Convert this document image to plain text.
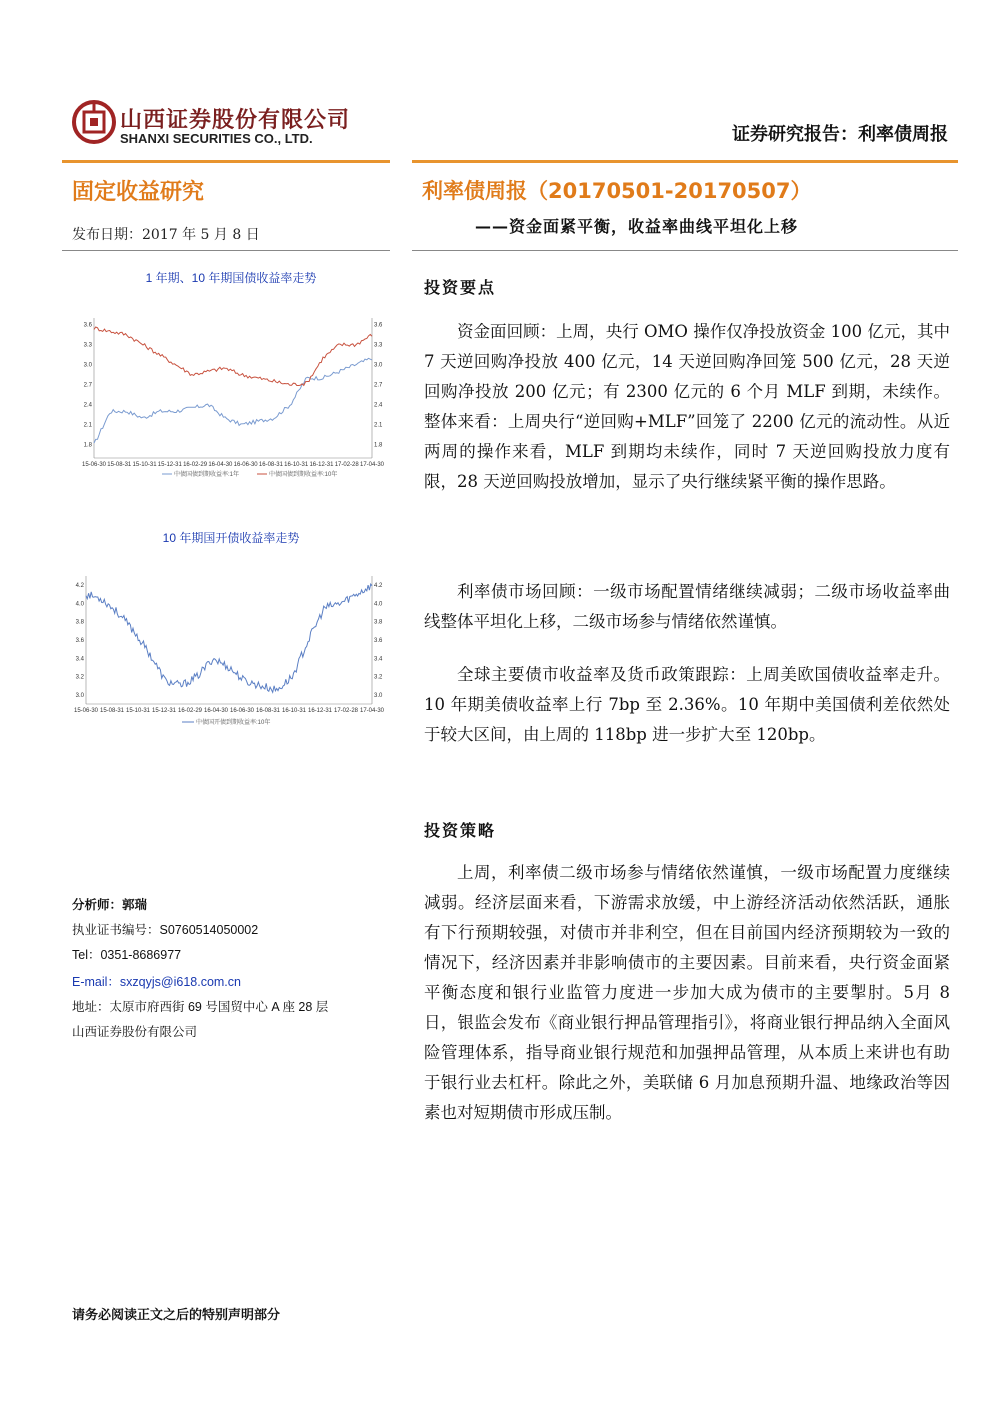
山西证券股份有限公司
SHANXI SECURITIES CO., LTD.	证券研究报告：利率债周报
固定收益研究	利率债周报（20170501-20170507）
——资金面紧平衡，收益率曲线平坦化上移
发布日期：2017 年 5 月 8 日
1 年期、10 年期国债收益率走势
1.8
2.1
2.4
2.7
3.0
3.3
3.6
1.8
2.1
2.4
2.7
3.0
3.3
3.6
15-06-30 15-08-31 15-10-31 15-12-31 16-02-29 16-04-30 16-06-30 16-08-31 16-10-31 16-12-31 17-02-28 17-04-30
中债国债到期收益率:1年	中债国债到期收益率:10年
10 年期国开债收益率走势
3.0	3.0
3.2	3.2
3.4	3.4
3.6	3.6
3.8	3.8
4.0	4.0
4.2	4.2
15-06-30 15-08-31 15-10-31 15-12-31 16-02-29 16-04-30 16-06-30 16-08-31 16-10-31 16-12-31 17-02-28 17-04-30
中债国开债到期收益率:10年
分析师：郭瑞
执业证书编号：S0760514050002
Tel：0351-8686977
E-mail：sxzqyjs@i618.com.cn
地址：太原市府西街 69 号国贸中心 A 座 28 层
山西证券股份有限公司
投资要点
资金面回顾：上周，央行 OMO 操作仅净投放资金 100 亿元，其中 7 天逆回购净投放 400 亿元，14 天逆回购净回笼 500 亿元，28 天逆回购净投放 200 亿元；有 2300 亿元的 6 个月 MLF 到期，未续作。整体来看：上周央行“逆回购+MLF”回笼了 2200 亿元的流动性。从近两周的操作来看，MLF 到期均未续作，同时 7 天逆回购投放力度有限，28 天逆回购投放增加，显示了央行继续紧平衡的操作思路。
利率债市场回顾：一级市场配置情绪继续减弱；二级市场收益率曲线整体平坦化上移，二级市场参与情绪依然谨慎。
全球主要债市收益率及货币政策跟踪：上周美欧国债收益率走升。10 年期美债收益率上行 7bp 至 2.36%。10 年期中美国债利差依然处于较大区间，由上周的 118bp 进一步扩大至 120bp。
投资策略
上周，利率债二级市场参与情绪依然谨慎，一级市场配置力度继续减弱。经济层面来看，下游需求放缓，中上游经济活动依然活跃，通胀有下行预期较强，对债市并非利空，但在目前国内经济预期较为一致的情况下，经济因素并非影响债市的主要因素。目前来看，央行资金面紧平衡态度和银行业监管力度进一步加大成为债市的主要掣肘。5月 8 日，银监会发布《商业银行押品管理指引》，将商业银行押品纳入全面风险管理体系，指导商业银行规范和加强押品管理，从本质上来讲也有助于银行业去杠杆。除此之外，美联储 6 月加息预期升温、地缘政治等因素也对短期债市形成压制。
请务必阅读正文之后的特别声明部分
